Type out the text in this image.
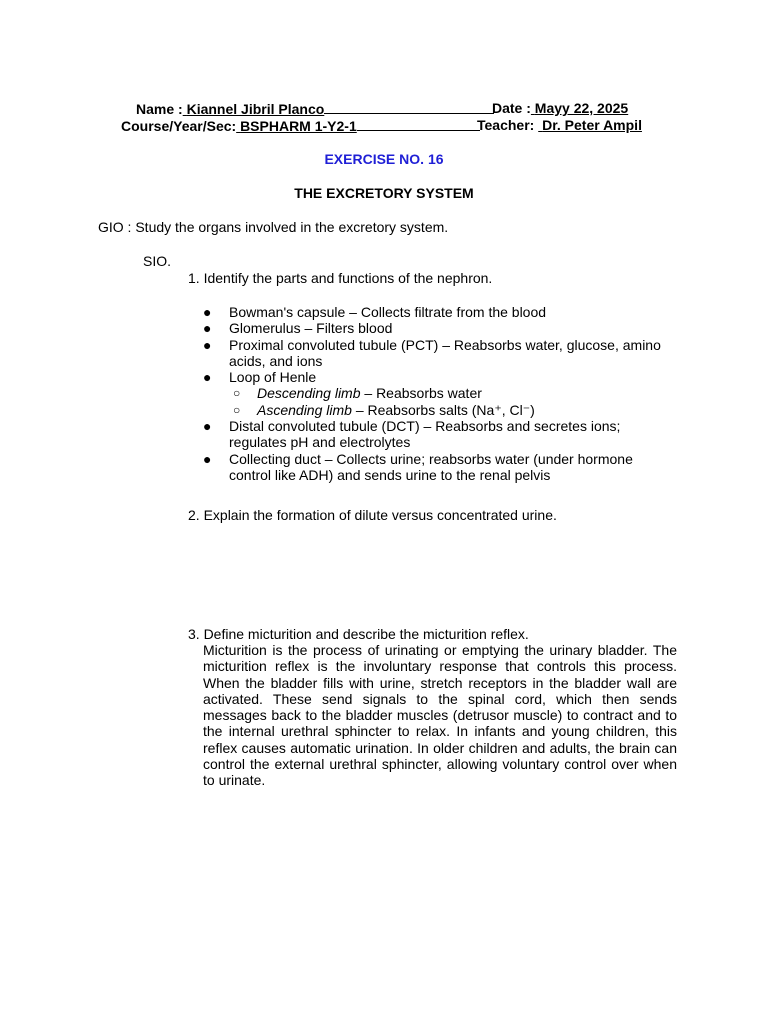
Name : Kiannel Jibril Planco	Date : Mayy 22, 2025
Course/Year/Sec: BSPHARM 1-Y2-1	Teacher: Dr. Peter Ampil
EXERCISE NO. 16
THE EXCRETORY SYSTEM
GIO : Study the organs involved in the excretory system.
SIO.
1. Identify the parts and functions of the nephron.
● Bowman's capsule – Collects filtrate from the blood
● Glomerulus – Filters blood
● Proximal convoluted tubule (PCT) – Reabsorbs water, glucose, amino acids, and ions
● Loop of Henle
○ Descending limb – Reabsorbs water
○ Ascending limb – Reabsorbs salts (Na⁺, Cl⁻)
● Distal convoluted tubule (DCT) – Reabsorbs and secretes ions; regulates pH and electrolytes
● Collecting duct – Collects urine; reabsorbs water (under hormone control like ADH) and sends urine to the renal pelvis
2. Explain the formation of dilute versus concentrated urine.
3. Define micturition and describe the micturition reflex.
Micturition is the process of urinating or emptying the urinary bladder. The micturition reflex is the involuntary response that controls this process. When the bladder fills with urine, stretch receptors in the bladder wall are activated. These send signals to the spinal cord, which then sends messages back to the bladder muscles (detrusor muscle) to contract and to the internal urethral sphincter to relax. In infants and young children, this reflex causes automatic urination. In older children and adults, the brain can control the external urethral sphincter, allowing voluntary control over when to urinate.
